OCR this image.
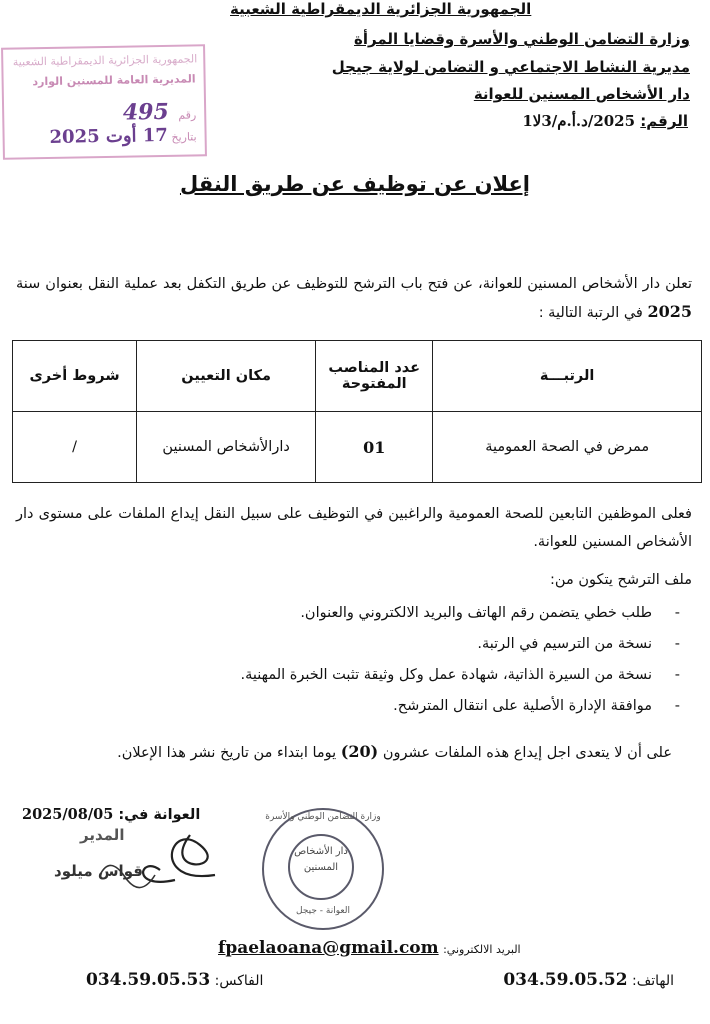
الجمهورية الجزائرية الديمقراطية الشعبية
وزارة التضامن الوطني والأسرة وقضايا المرأة
مديرية النشاط الاجتماعي و التضامن لولاية جيجل
دار الأشخاص المسنين للعوانة
الرقم: 2025/د.أ.م/3لا1
الجمهورية الجزائرية الديمقراطية الشعبية
المديرية العامة للمسنين الوارد
رقم 495
بتاريخ 17 أوت 2025
إعلان عن توظيف عن طريق النقل
تعلن دار الأشخاص المسنين للعوانة، عن فتح باب الترشح للتوظيف عن طريق التكفل بعد عملية النقل بعنوان سنة 2025 في الرتبة التالية :
الرتبـــة	عدد المناصب المفتوحة	مكان التعيين	شروط أخرى
ممرض في الصحة العمومية	01	دارالأشخاص المسنين	/
فعلى الموظفين التابعين للصحة العمومية والراغبين في التوظيف على سبيل النقل إيداع الملفات على مستوى دار الأشخاص المسنين للعوانة.
ملف الترشح يتكون من:
- طلب خطي يتضمن رقم الهاتف والبريد الالكتروني والعنوان.
- نسخة من الترسيم في الرتبة.
- نسخة من السيرة الذاتية، شهادة عمل وكل وثيقة تثبت الخبرة المهنية.
- موافقة الإدارة الأصلية على انتقال المترشح.
على أن لا يتعدى اجل إيداع هذه الملفات عشرون (20) يوما ابتداء من تاريخ نشر هذا الإعلان.
العوانة في: 2025/08/05
المدير
قواس ميلود
وزارة التضامن الوطني والأسرة
دار الأشخاص
المسنين
العوانة - جيجل
البريد الالكتروني: fpaelaoana@gmail.com
الهاتف: 034.59.05.52
الفاكس: 034.59.05.53
